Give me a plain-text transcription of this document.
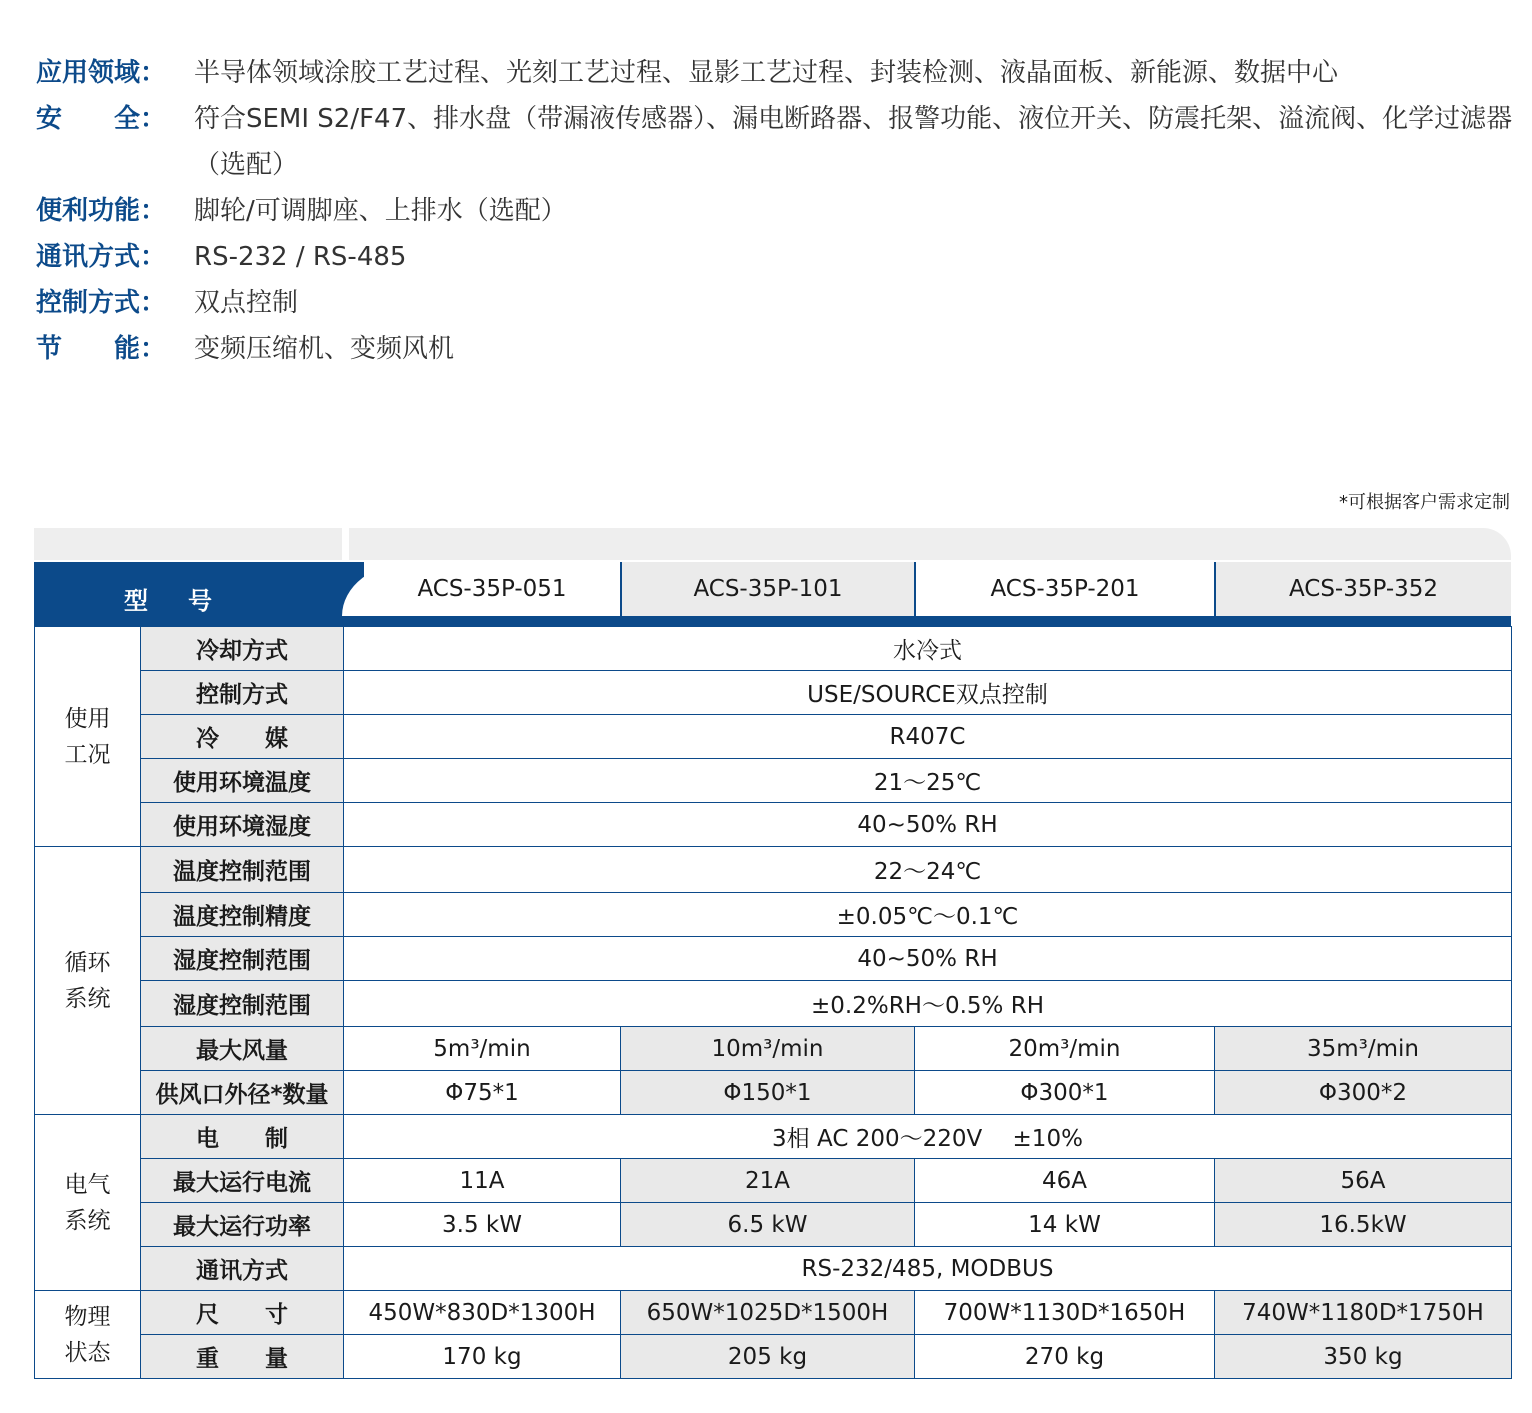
应用领域：	半导体领域涂胶工艺过程、光刻工艺过程、显影工艺过程、封装检测、液晶面板、新能源、数据中心
安　　全：	符合SEMI S2/F47、排水盘（带漏液传感器）、漏电断路器、报警功能、液位开关、防震托架、溢流阀、化学过滤器（选配）
便利功能：	脚轮/可调脚座、上排水（选配）
通讯方式：	RS-232 / RS-485
控制方式：	双点控制
节　　能：	变频压缩机、变频风机
*可根据客户需求定制
型号	ACS-35P-051	ACS-35P-101	ACS-35P-201	ACS-35P-352
使用
工况	冷却方式	水冷式			
	控制方式	USE/SOURCE双点控制			
	冷　　媒	R407C			
	使用环境温度	21～25℃			
	使用环境湿度	40~50% RH			

循环
系统	温度控制范围	22～24℃			
	温度控制精度	±0.05℃～0.1℃			
	湿度控制范围	40~50% RH			
	湿度控制范围	±0.2%RH～0.5% RH			
	最大风量	5m³/min	10m³/min	20m³/min	35m³/min
	供风口外径*数量	Φ75*1	Φ150*1	Φ300*1	Φ300*2

电气
系统	电　　制	3相 AC 200～220V　 ±10%			
	最大运行电流	11A	21A	46A	56A
	最大运行功率	3.5 kW	6.5 kW	14 kW	16.5kW
	通讯方式	RS-232/485, MODBUS			

物理
状态	尺　　寸	450W*830D*1300H	650W*1025D*1500H	700W*1130D*1650H	740W*1180D*1750H
	重　　量	170 kg	205 kg	270 kg	350 kg
